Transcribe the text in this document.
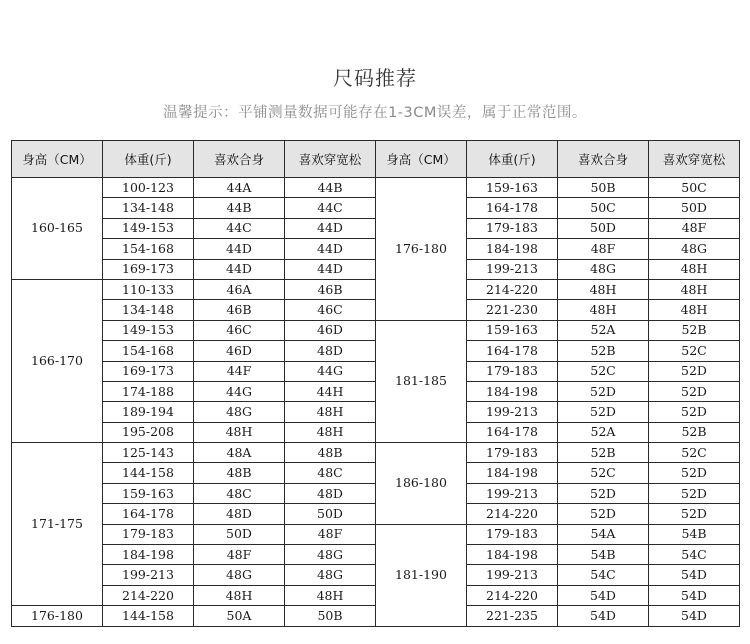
尺码推荐
温馨提示：平铺测量数据可能存在1-3CM误差，属于正常范围。
身高（CM）	体重(斤)	喜欢合身	喜欢穿宽松	身高（CM）	体重(斤)	喜欢合身	喜欢穿宽松
160-165	100-123	44A	44B	176-180	159-163	50B	50C
	134-148	44B	44C		164-178	50C	50D
	149-153	44C	44D		179-183	50D	48F
	154-168	44D	44D		184-198	48F	48G
	169-173	44D	44D		199-213	48G	48H
166-170	110-133	46A	46B		214-220	48H	48H
	134-148	46B	46C		221-230	48H	48H
	149-153	46C	46D	181-185	159-163	52A	52B
	154-168	46D	48D		164-178	52B	52C
	169-173	44F	44G		179-183	52C	52D
	174-188	44G	44H		184-198	52D	52D
	189-194	48G	48H		199-213	52D	52D
	195-208	48H	48H		164-178	52A	52B
171-175	125-143	48A	48B	186-180	179-183	52B	52C
	144-158	48B	48C		184-198	52C	52D
	159-163	48C	48D		199-213	52D	52D
	164-178	48D	50D		214-220	52D	52D
	179-183	50D	48F	181-190	179-183	54A	54B
	184-198	48F	48G		184-198	54B	54C
	199-213	48G	48G		199-213	54C	54D
	214-220	48H	48H		214-220	54D	54D
176-180	144-158	50A	50B		221-235	54D	54D
